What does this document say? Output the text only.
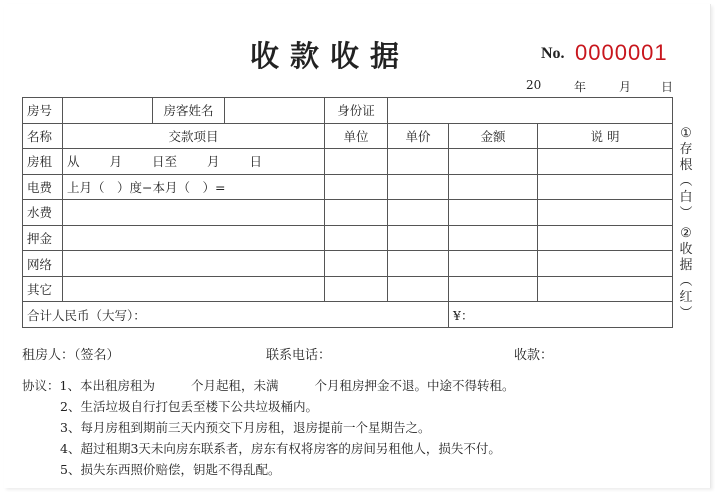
收款收据	No. 0000001
20	年	月 日
房号		房客姓名		身份证			
名称	交款项目			单位	单价	金额	说 明
房租	从 月 日至 月 日						
电费	上月（　）度−本月（　）=						
水费							
押金							
网络							
其它							
合计人民币（大写）：						¥：	
①
存
根
︵
白
︶
②
收
据
︵
红
︶
租房人：（签名）	联系电话：	收款：
协议：1、本出租房租为	个月起租，未满	个月租房押金不退。中途不得转租。
2、生活垃圾自行打包丢至楼下公共垃圾桶内。
3、每月房租到期前三天内预交下月房租，退房提前一个星期告之。
4、超过租期3天未向房东联系者，房东有权将房客的房间另租他人，损失不付。
5、损失东西照价赔偿，钥匙不得乱配。
